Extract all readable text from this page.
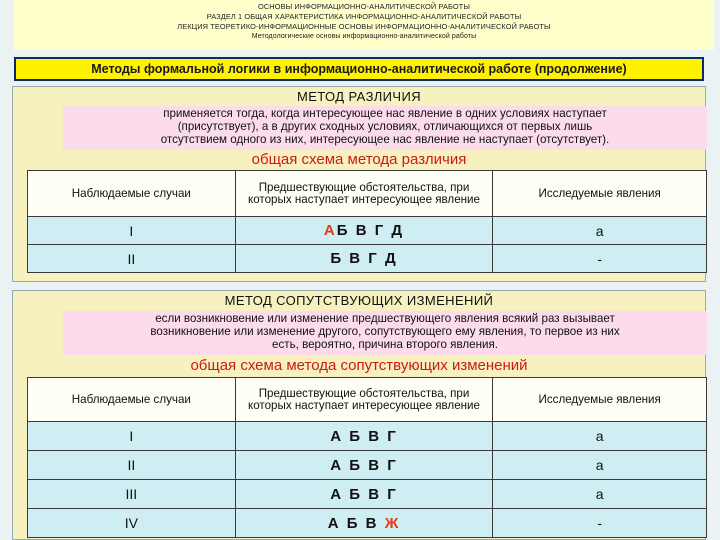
ОСНОВЫ ИНФОРМАЦИОННО-АНАЛИТИЧЕСКОЙ РАБОТЫ
РАЗДЕЛ 1 ОБЩАЯ ХАРАКТЕРИСТИКА ИНФОРМАЦИОННО-АНАЛИТИЧЕСКОЙ РАБОТЫ
ЛЕКЦИЯ ТЕОРЕТИКО-ИНФОРМАЦИОННЫЕ ОСНОВЫ ИНФОРМАЦИОННО-АНАЛИТИЧЕСКОЙ РАБОТЫ
Методологические основы информационно-аналитической работы
Методы формальной логики в информационно-аналитической работе (продолжение)
МЕТОД РАЗЛИЧИЯ
применяется тогда, когда интересующее нас явление в одних условиях наступает
(присутствует), а в других сходных условиях, отличающихся от первых лишь
отсутствием одного из них, интересующее нас явление не наступает (отсутствует).
общая схема метода различия
Наблюдаемые случаи	Предшествующие обстоятельства, при которых наступает интересующее явление	Исследуемые явления
I	АБ В Г Д	а
II	Б В Г Д	-
МЕТОД СОПУТСТВУЮЩИХ ИЗМЕНЕНИЙ
если возникновение или изменение предшествующего явления всякий раз вызывает
возникновение или изменение другого, сопутствующего ему явления, то первое из них
есть, вероятно, причина второго явления.
общая схема метода сопутствующих изменений
Наблюдаемые случаи	Предшествующие обстоятельства, при которых наступает интересующее явление	Исследуемые явления
I	А Б В Г	а
II	А Б В Г	а
III	А Б В Г	а
IV	А Б В Ж	-
